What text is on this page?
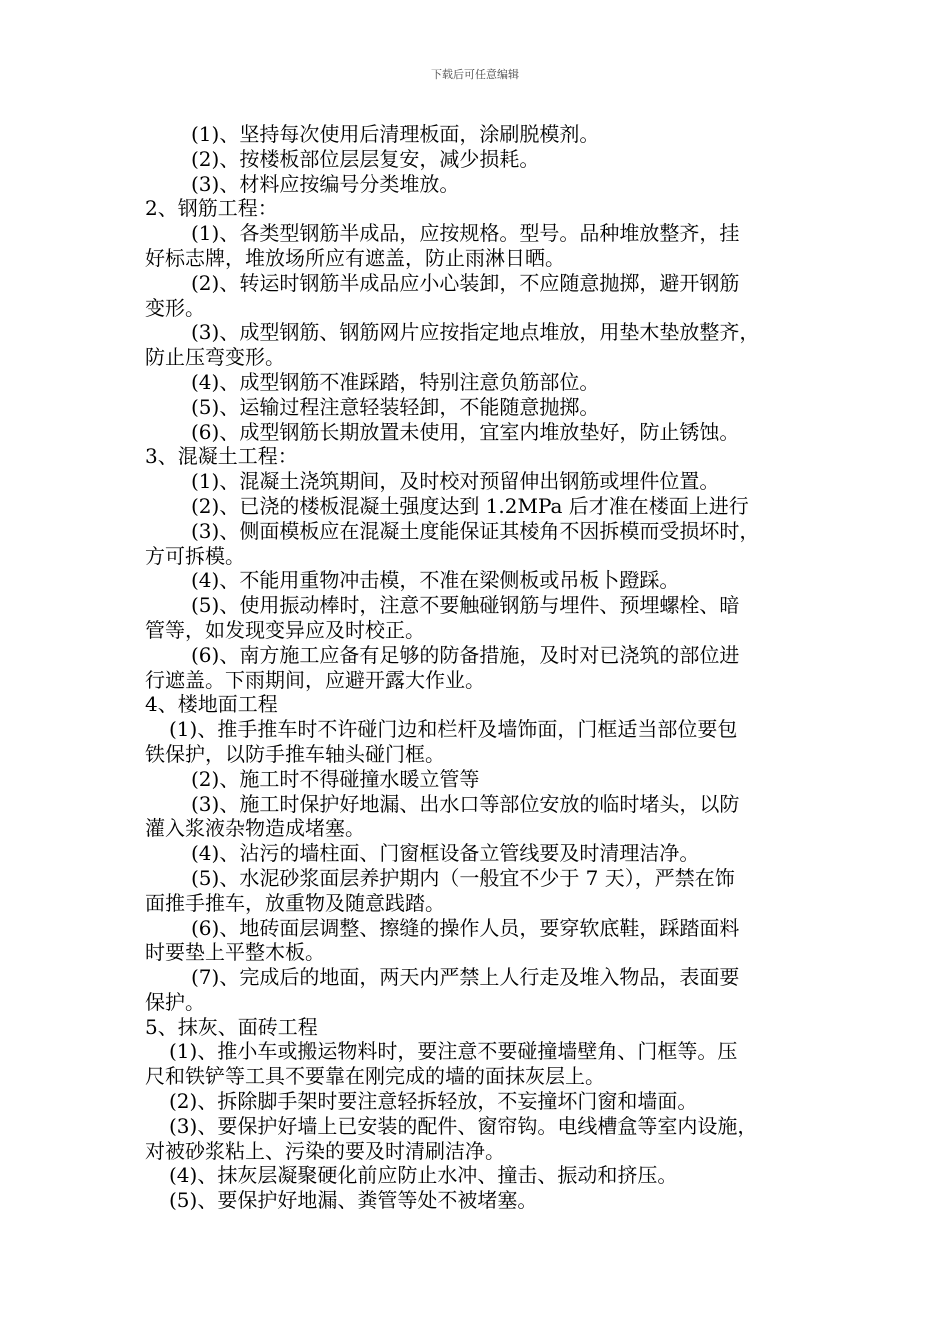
下载后可任意编辑
(1)、坚持每次使用后清理板面，涂刷脱模剂。
(2)、按楼板部位层层复安，减少损耗。
(3)、材料应按编号分类堆放。
2、钢筋工程：
(1)、各类型钢筋半成品，应按规格。型号。品种堆放整齐，挂
好标志牌，堆放场所应有遮盖，防止雨淋日晒。
(2)、转运时钢筋半成品应小心装卸，不应随意抛掷，避开钢筋
变形。
(3)、成型钢筋、钢筋网片应按指定地点堆放，用垫木垫放整齐，
防止压弯变形。
(4)、成型钢筋不准踩踏，特别注意负筋部位。
(5)、运输过程注意轻装轻卸，不能随意抛掷。
(6)、成型钢筋长期放置未使用，宜室内堆放垫好，防止锈蚀。
3、混凝土工程：
(1)、混凝土浇筑期间，及时校对预留伸出钢筋或埋件位置。
(2)、已浇的楼板混凝土强度达到 1.2MPa 后才准在楼面上进行
(3)、侧面模板应在混凝土度能保证其棱角不因拆模而受损坏时，
方可拆模。
(4)、不能用重物冲击模，不准在梁侧板或吊板卜蹬踩。
(5)、使用振动棒时，注意不要触碰钢筋与埋件、预埋螺栓、暗
管等，如发现变异应及时校正。
(6)、南方施工应备有足够的防备措施，及时对已浇筑的部位进
行遮盖。下雨期间，应避开露大作业。
4、楼地面工程
(1)、推手推车时不许碰门边和栏杆及墙饰面，门框适当部位要包
铁保护，以防手推车轴头碰门框。
(2)、施工时不得碰撞水暖立管等
(3)、施工时保护好地漏、出水口等部位安放的临时堵头，以防
灌入浆液杂物造成堵塞。
(4)、沾污的墙柱面、门窗框设备立管线要及时清理洁净。
(5)、水泥砂浆面层养护期内（一般宜不少于 7 天），严禁在饰
面推手推车，放重物及随意践踏。
(6)、地砖面层调整、擦缝的操作人员，要穿软底鞋，踩踏面料
时要垫上平整木板。
(7)、完成后的地面，两天内严禁上人行走及堆入物品，表面要
保护。
5、抹灰、面砖工程
(1)、推小车或搬运物料时，要注意不要碰撞墙壁角、门框等。压
尺和铁铲等工具不要靠在刚完成的墙的面抹灰层上。
(2)、拆除脚手架时要注意轻拆轻放，不妄撞坏门窗和墙面。
(3)、要保护好墙上已安装的配件、窗帘钩。电线槽盒等室内设施，
对被砂浆粘上、污染的要及时清刷洁净。
(4)、抹灰层凝聚硬化前应防止水冲、撞击、振动和挤压。
(5)、要保护好地漏、粪管等处不被堵塞。
